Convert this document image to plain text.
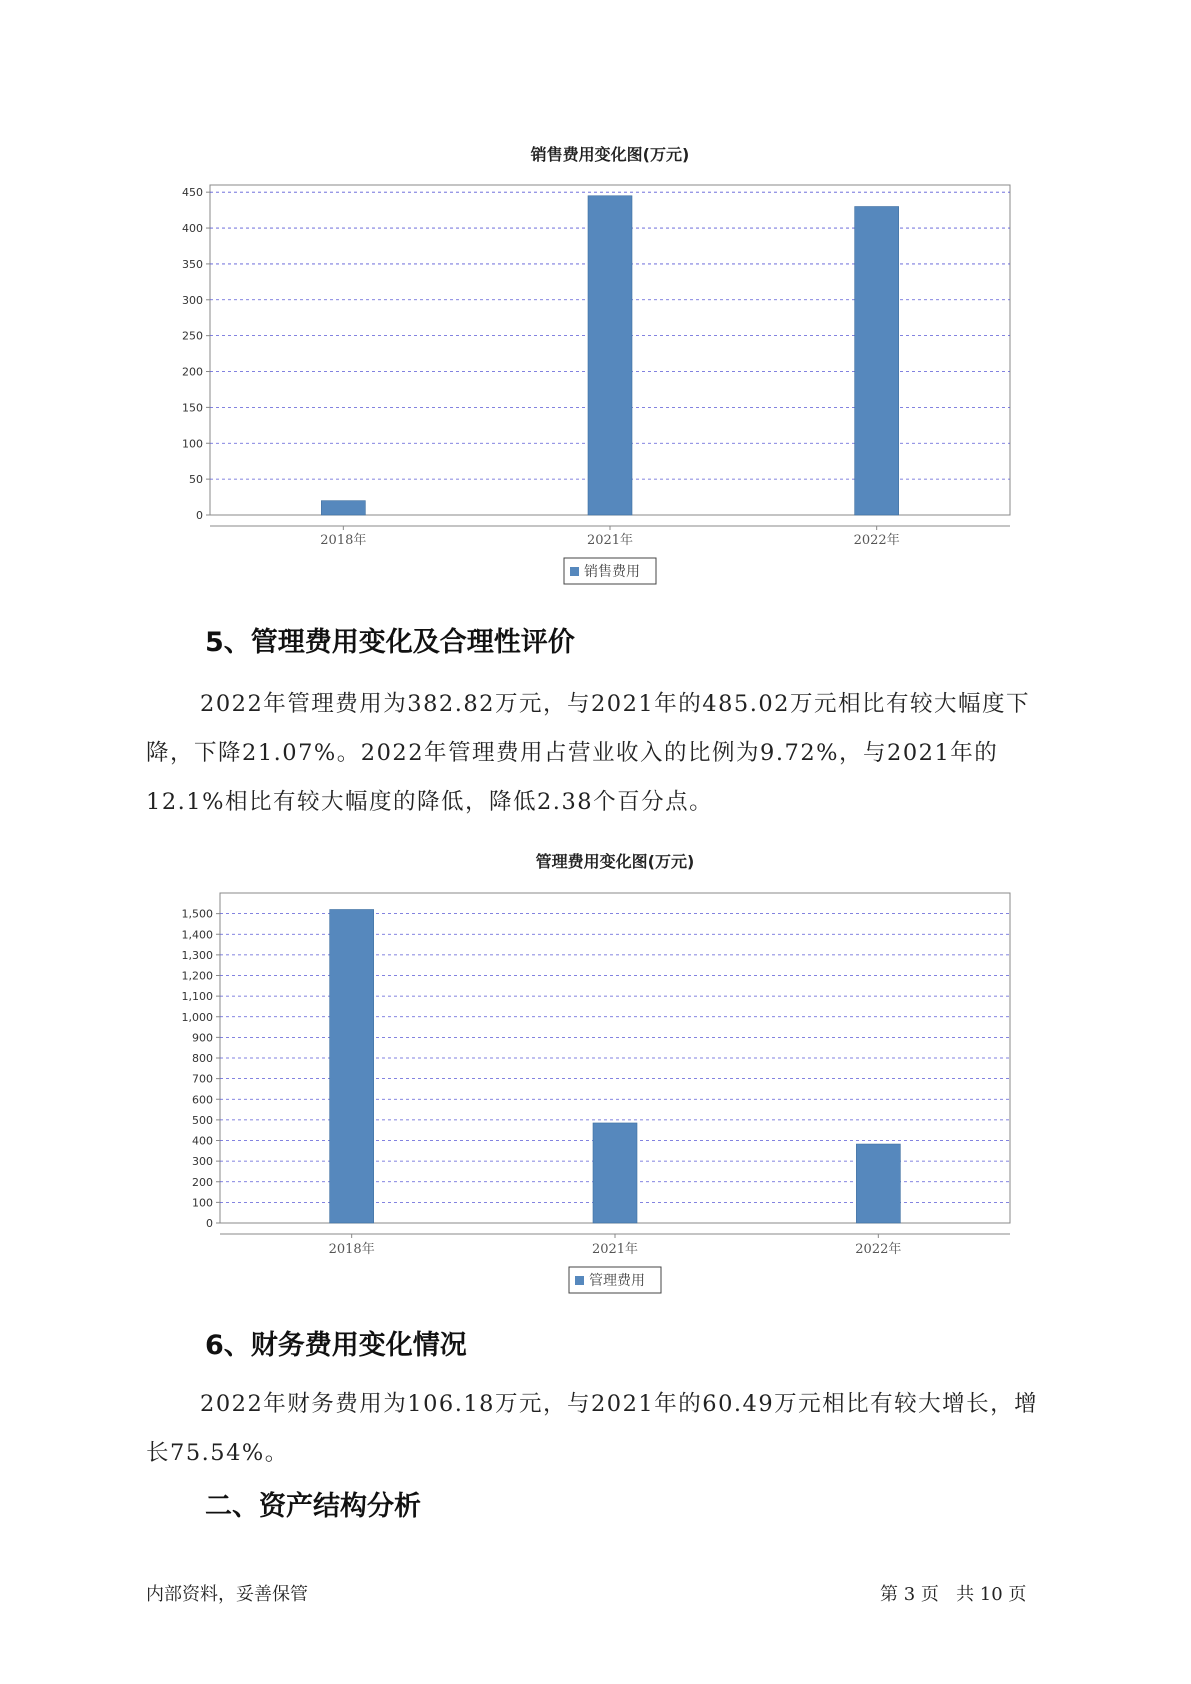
销售费用变化图(万元)
0
50
100
150
200
250
300
350
400
450
2018年	2021年	2022年
销售费用
5、管理费用变化及合理性评价

2022年管理费用为382.82万元，与2021年的485.02万元相比有较大幅度下降，下降21.07%。2022年管理费用占营业收入的比例为9.72%，与2021年的12.1%相比有较大幅度的降低，降低2.38个百分点。

管理费用变化图(万元)
0
100
200
300
400
500
600
700
800
900
1,000
1,100
1,200
1,300
1,400
1,500
2018年	2021年	2022年
管理费用
6、财务费用变化情况

2022年财务费用为106.18万元，与2021年的60.49万元相比有较大增长，增长75.54%。

二、资产结构分析
内部资料，妥善保管	第 3 页 共 10 页
